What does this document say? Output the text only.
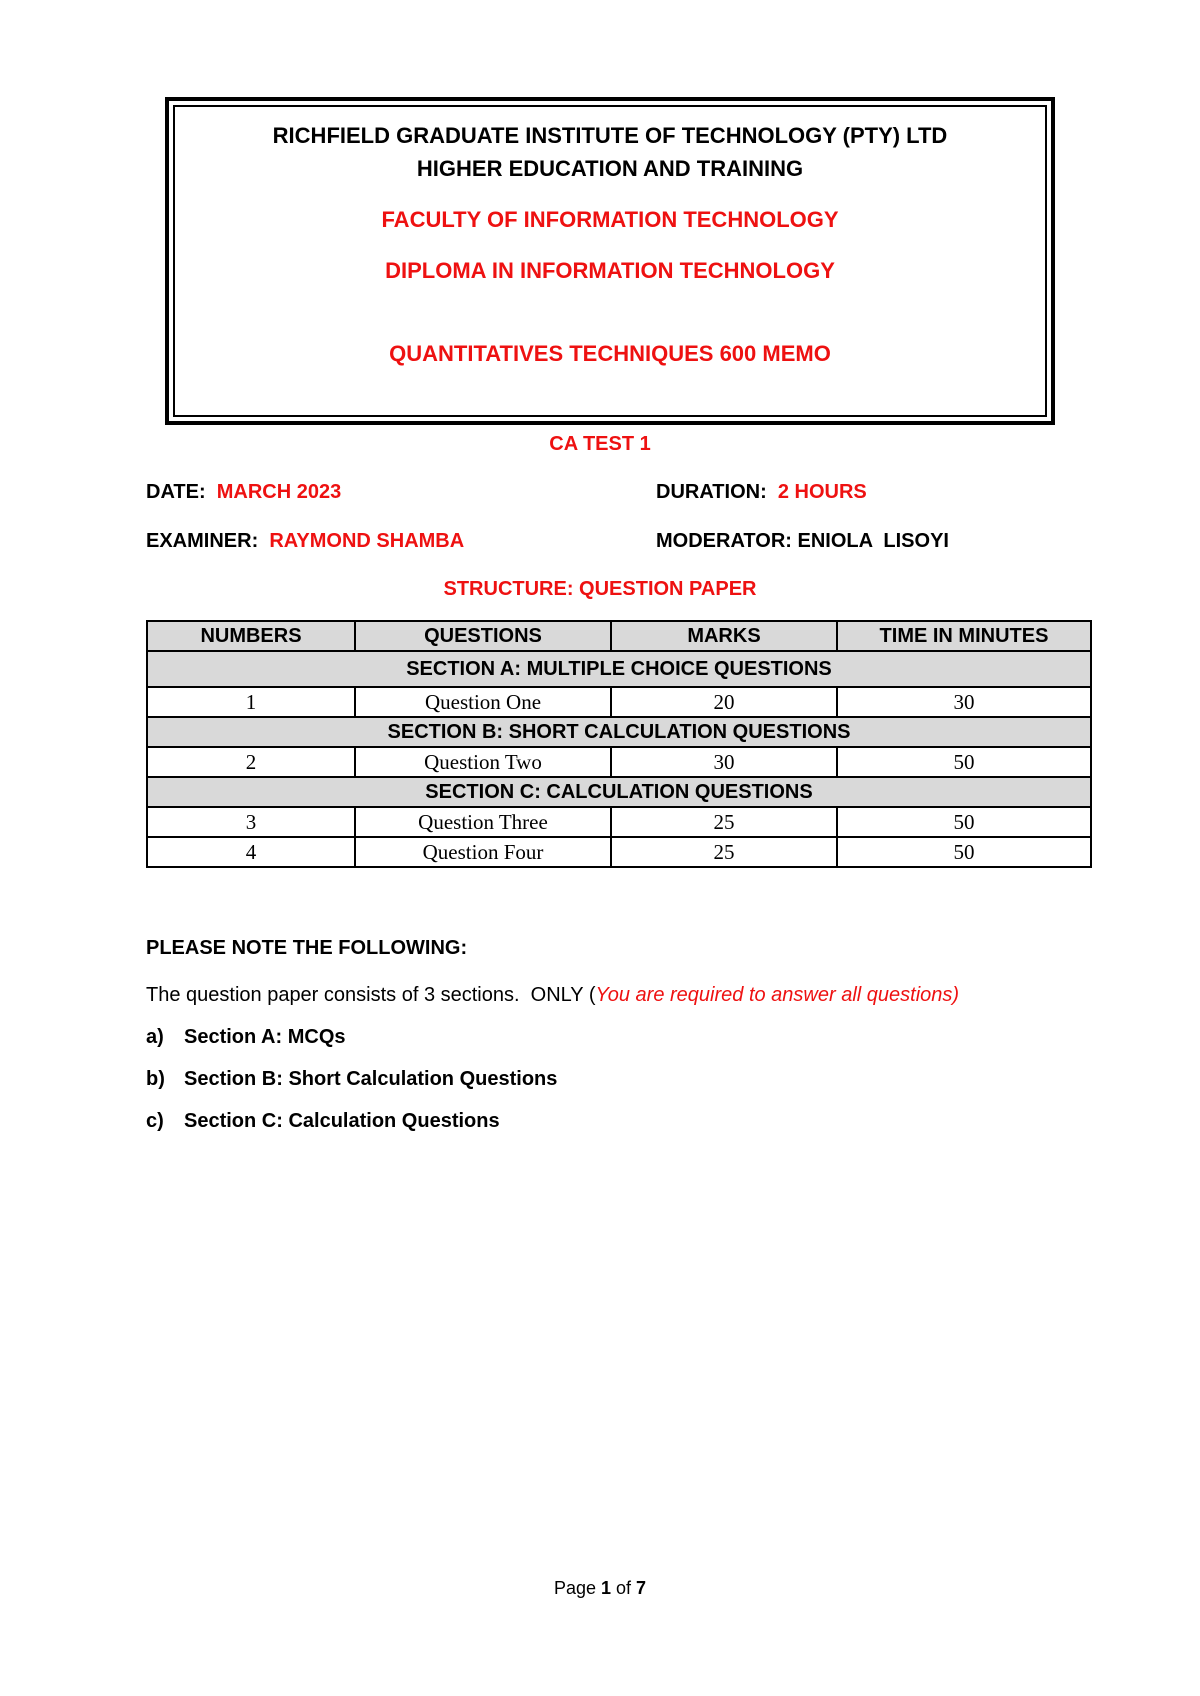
RICHFIELD GRADUATE INSTITUTE OF TECHNOLOGY (PTY) LTD
HIGHER EDUCATION AND TRAINING
FACULTY OF INFORMATION TECHNOLOGY
DIPLOMA IN INFORMATION TECHNOLOGY
QUANTITATIVES TECHNIQUES 600 MEMO
CA TEST 1
DATE: MARCH 2023	DURATION: 2 HOURS
EXAMINER: RAYMOND SHAMBA	MODERATOR: ENIOLA  LISOYI
STRUCTURE: QUESTION PAPER
NUMBERS	QUESTIONS	MARKS	TIME IN MINUTES
SECTION A: MULTIPLE CHOICE QUESTIONS			
1	Question One	20	30
SECTION B: SHORT CALCULATION QUESTIONS			
2	Question Two	30	50
SECTION C: CALCULATION QUESTIONS			
3	Question Three	25	50
4	Question Four	25	50
PLEASE NOTE THE FOLLOWING:
The question paper consists of 3 sections.  ONLY (You are required to answer all questions)
a) Section A: MCQs
b) Section B: Short Calculation Questions
c) Section C: Calculation Questions
Page 1 of 7
